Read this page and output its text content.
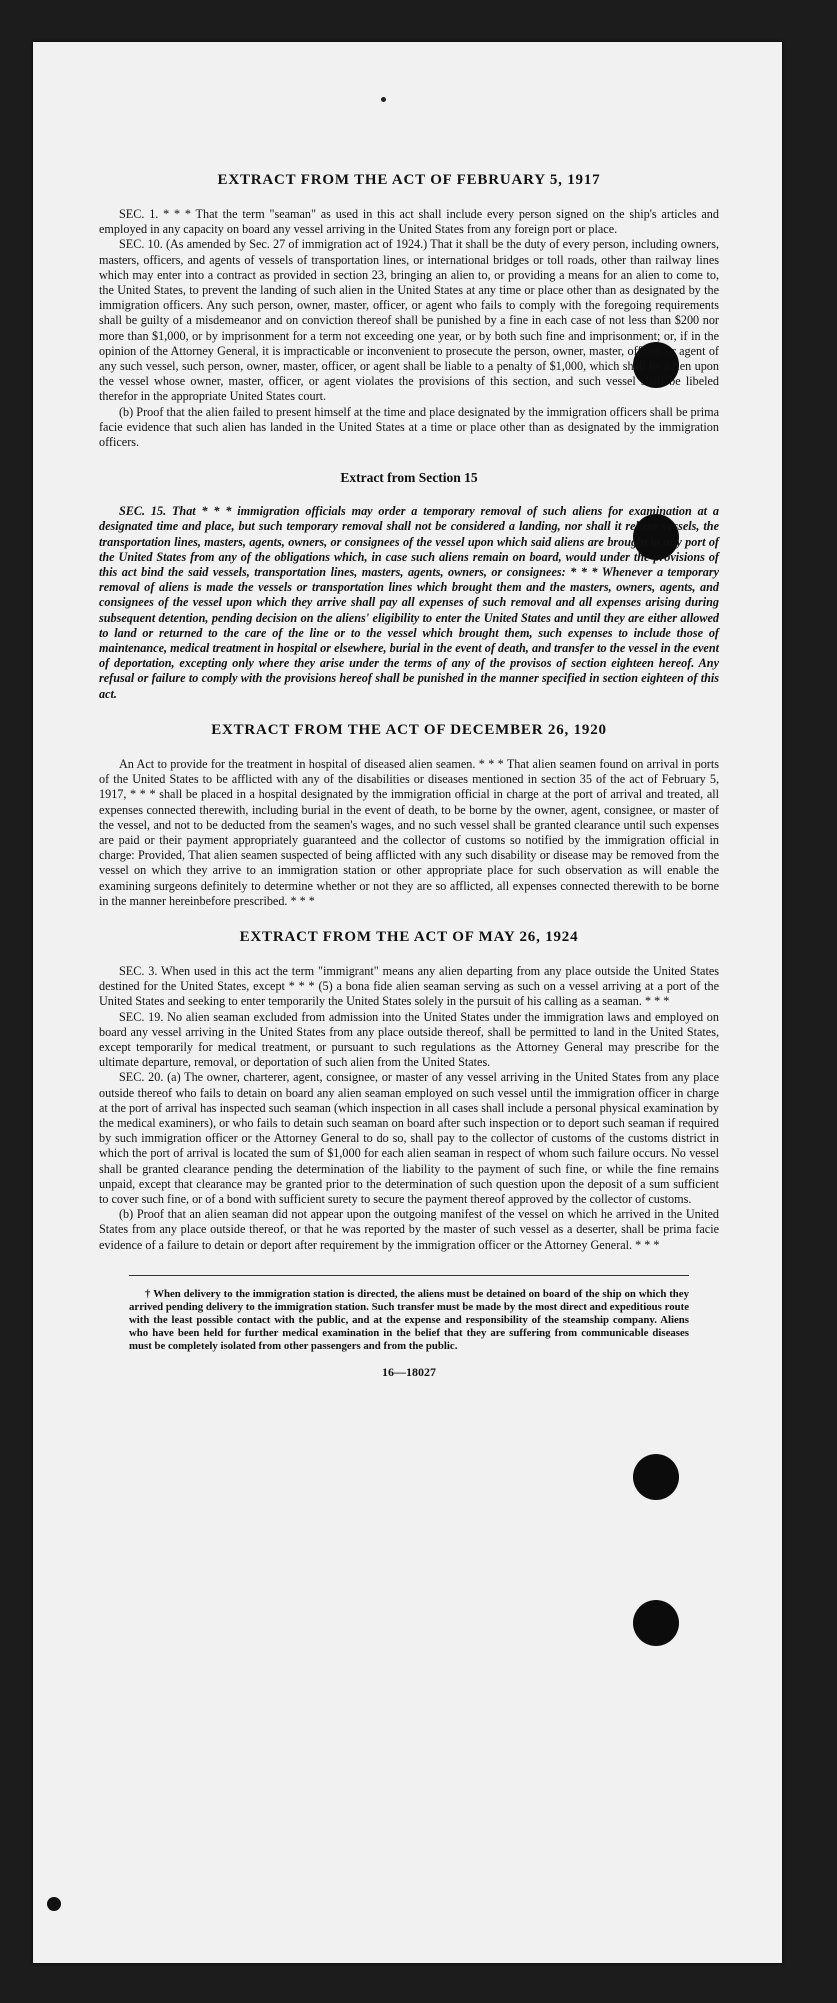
EXTRACT FROM THE ACT OF FEBRUARY 5, 1917

SEC. 1. * * * That the term "seaman" as used in this act shall include every person signed on the ship's articles and employed in any capacity on board any vessel arriving in the United States from any foreign port or place.

SEC. 10. (As amended by Sec. 27 of immigration act of 1924.) That it shall be the duty of every person, including owners, masters, officers, and agents of vessels of transportation lines, or international bridges or toll roads, other than railway lines which may enter into a contract as provided in section 23, bringing an alien to, or providing a means for an alien to come to, the United States, to prevent the landing of such alien in the United States at any time or place other than as designated by the immigration officers. Any such person, owner, master, officer, or agent who fails to comply with the foregoing requirements shall be guilty of a misdemeanor and on conviction thereof shall be punished by a fine in each case of not less than $200 nor more than $1,000, or by imprisonment for a term not exceeding one year, or by both such fine and imprisonment; or, if in the opinion of the Attorney General, it is impracticable or inconvenient to prosecute the person, owner, master, officer, or agent of any such vessel, such person, owner, master, officer, or agent shall be liable to a penalty of $1,000, which shall be a lien upon the vessel whose owner, master, officer, or agent violates the provisions of this section, and such vessel shall be libeled therefor in the appropriate United States court.

(b) Proof that the alien failed to present himself at the time and place designated by the immigration officers shall be prima facie evidence that such alien has landed in the United States at a time or place other than as designated by the immigration officers.

Extract from Section 15

SEC. 15. That * * * immigration officials may order a temporary removal of such aliens for examination at a designated time and place, but such temporary removal shall not be considered a landing, nor shall it relieve vessels, the transportation lines, masters, agents, owners, or consignees of the vessel upon which said aliens are brought to any port of the United States from any of the obligations which, in case such aliens remain on board, would under the provisions of this act bind the said vessels, transportation lines, masters, agents, owners, or consignees: * * * Whenever a temporary removal of aliens is made the vessels or transportation lines which brought them and the masters, owners, agents, and consignees of the vessel upon which they arrive shall pay all expenses of such removal and all expenses arising during subsequent detention, pending decision on the aliens' eligibility to enter the United States and until they are either allowed to land or returned to the care of the line or to the vessel which brought them, such expenses to include those of maintenance, medical treatment in hospital or elsewhere, burial in the event of death, and transfer to the vessel in the event of deportation, excepting only where they arise under the terms of any of the provisos of section eighteen hereof. Any refusal or failure to comply with the provisions hereof shall be punished in the manner specified in section eighteen of this act.

EXTRACT FROM THE ACT OF DECEMBER 26, 1920

An Act to provide for the treatment in hospital of diseased alien seamen. * * * That alien seamen found on arrival in ports of the United States to be afflicted with any of the disabilities or diseases mentioned in section 35 of the act of February 5, 1917, * * * shall be placed in a hospital designated by the immigration official in charge at the port of arrival and treated, all expenses connected therewith, including burial in the event of death, to be borne by the owner, agent, consignee, or master of the vessel, and not to be deducted from the seamen's wages, and no such vessel shall be granted clearance until such expenses are paid or their payment appropriately guaranteed and the collector of customs so notified by the immigration official in charge: Provided, That alien seamen suspected of being afflicted with any such disability or disease may be removed from the vessel on which they arrive to an immigration station or other appropriate place for such observation as will enable the examining surgeons definitely to determine whether or not they are so afflicted, all expenses connected therewith to be borne in the manner hereinbefore prescribed. * * *

EXTRACT FROM THE ACT OF MAY 26, 1924

SEC. 3. When used in this act the term "immigrant" means any alien departing from any place outside the United States destined for the United States, except * * * (5) a bona fide alien seaman serving as such on a vessel arriving at a port of the United States and seeking to enter temporarily the United States solely in the pursuit of his calling as a seaman. * * *

SEC. 19. No alien seaman excluded from admission into the United States under the immigration laws and employed on board any vessel arriving in the United States from any place outside thereof, shall be permitted to land in the United States, except temporarily for medical treatment, or pursuant to such regulations as the Attorney General may prescribe for the ultimate departure, removal, or deportation of such alien from the United States.

SEC. 20. (a) The owner, charterer, agent, consignee, or master of any vessel arriving in the United States from any place outside thereof who fails to detain on board any alien seaman employed on such vessel until the immigration officer in charge at the port of arrival has inspected such seaman (which inspection in all cases shall include a personal physical examination by the medical examiners), or who fails to detain such seaman on board after such inspection or to deport such seaman if required by such immigration officer or the Attorney General to do so, shall pay to the collector of customs of the customs district in which the port of arrival is located the sum of $1,000 for each alien seaman in respect of whom such failure occurs. No vessel shall be granted clearance pending the determination of the liability to the payment of such fine, or while the fine remains unpaid, except that clearance may be granted prior to the determination of such question upon the deposit of a sum sufficient to cover such fine, or of a bond with sufficient surety to secure the payment thereof approved by the collector of customs.

(b) Proof that an alien seaman did not appear upon the outgoing manifest of the vessel on which he arrived in the United States from any place outside thereof, or that he was reported by the master of such vessel as a deserter, shall be prima facie evidence of a failure to detain or deport after requirement by the immigration officer or the Attorney General. * * *

† When delivery to the immigration station is directed, the aliens must be detained on board of the ship on which they arrived pending delivery to the immigration station. Such transfer must be made by the most direct and expeditious route with the least possible contact with the public, and at the expense and responsibility of the steamship company. Aliens who have been held for further medical examination in the belief that they are suffering from communicable diseases must be completely isolated from other passengers and from the public.
16—18027
